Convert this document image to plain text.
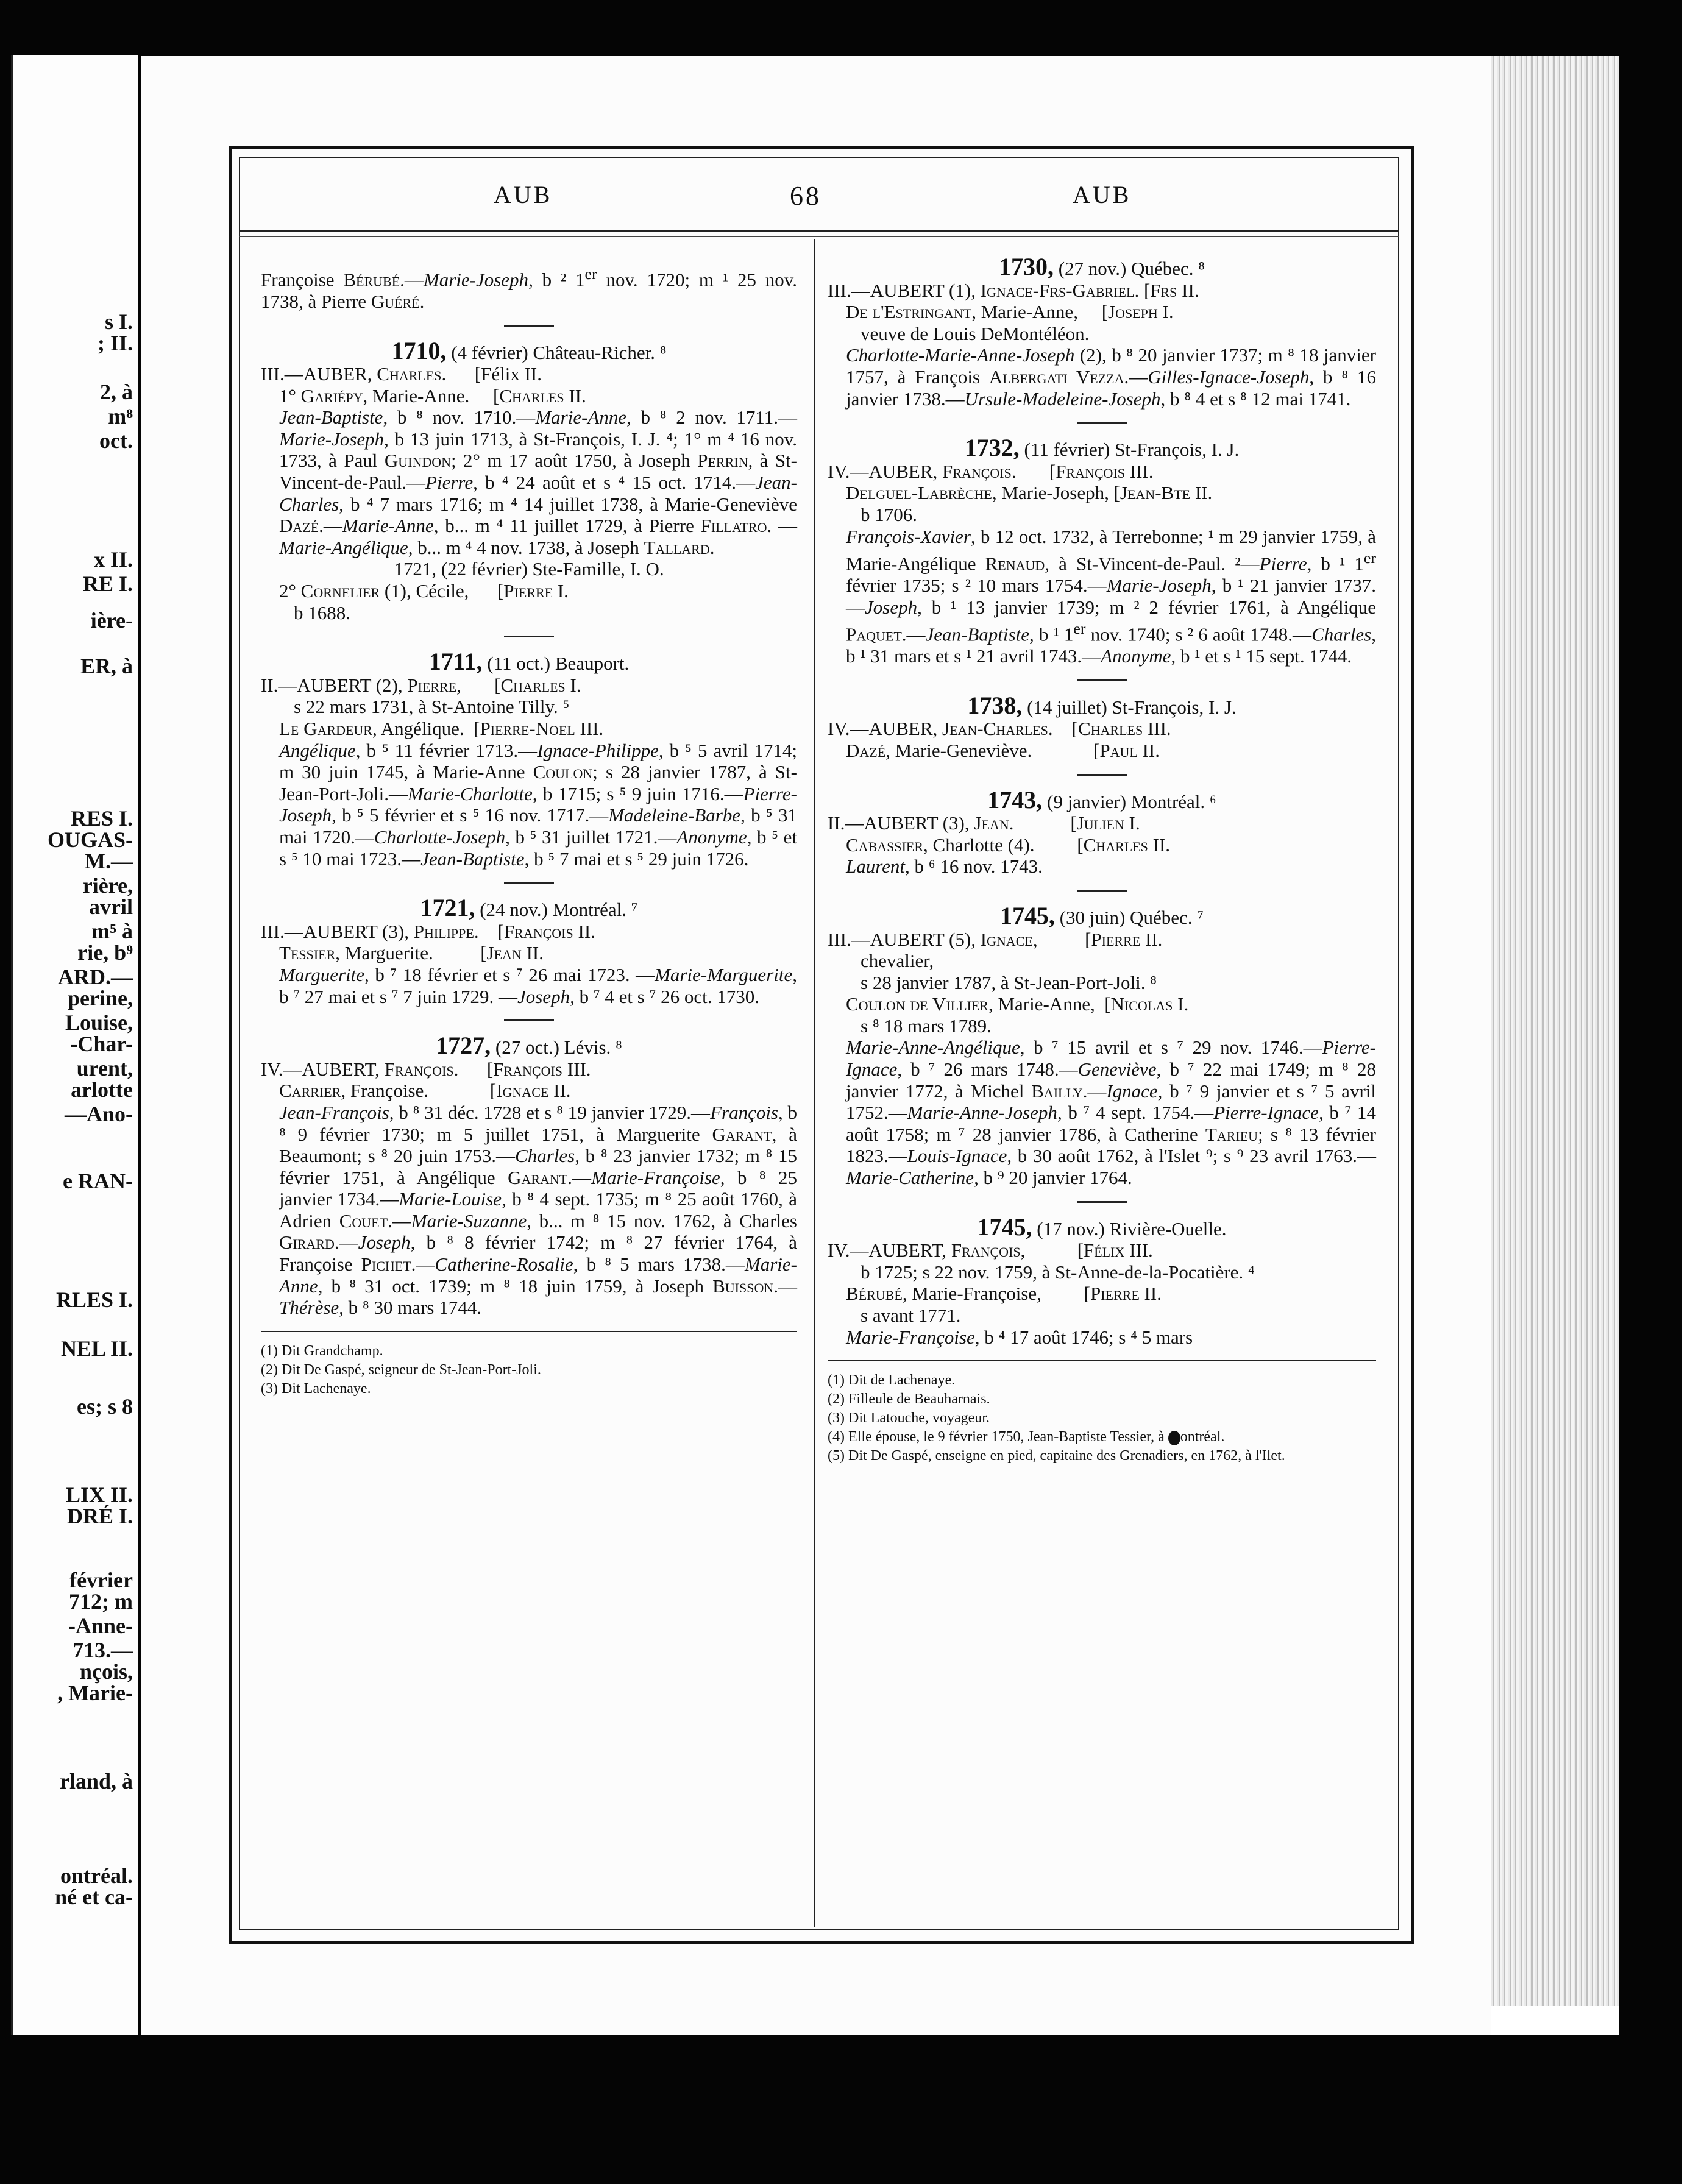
s I.
; II.
2, à
m⁸
oct.
x II.
RE I.
ière-
ER, à
RES I.
OUGAS-
M.—
rière,
avril
m⁵ à
rie, b⁹
ARD.—
perine,
Louise,
-Char-
urent,
arlotte
—Ano-
e RAN-
RLES I.
NEL II.
es; s 8
LIX II.
DRÉ I.
février
712; m
-Anne-
713.—
nçois,
, Marie-
rland, à
ontréal.
né et ca-
AUB	68	AUB

Françoise Bérubé.—Marie-Joseph, b ² 1er nov. 1720; m ¹ 25 nov. 1738, à Pierre Guéré.

1710, (4 février) Château-Richer. ⁸

III.—AUBER, Charles.      [Félix II.

1° Gariépy, Marie-Anne.     [Charles II.

Jean-Baptiste, b ⁸ nov. 1710.—Marie-Anne, b ⁸ 2 nov. 1711.—Marie-Joseph, b 13 juin 1713, à St-François, I. J. ⁴; 1° m ⁴ 16 nov. 1733, à Paul Guindon; 2° m 17 août 1750, à Joseph Perrin, à St-Vincent-de-Paul.—Pierre, b ⁴ 24 août et s ⁴ 15 oct. 1714.—Jean-Charles, b ⁴ 7 mars 1716; m ⁴ 14 juillet 1738, à Marie-Geneviève Dazé.—Marie-Anne, b... m ⁴ 11 juillet 1729, à Pierre Fillatro. —Marie-Angélique, b... m ⁴ 4 nov. 1738, à Joseph Tallard.

1721, (22 février) Ste-Famille, I. O.

2° Cornelier (1), Cécile,      [Pierre I.

b 1688.

1711, (11 oct.) Beauport.

II.—AUBERT (2), Pierre,       [Charles I.

s 22 mars 1731, à St-Antoine Tilly. ⁵

Le Gardeur, Angélique.  [Pierre-Noel III.

Angélique, b ⁵ 11 février 1713.—Ignace-Philippe, b ⁵ 5 avril 1714; m 30 juin 1745, à Marie-Anne Coulon; s 28 janvier 1787, à St-Jean-Port-Joli.—Marie-Charlotte, b 1715; s ⁵ 9 juin 1716.—Pierre-Joseph, b ⁵ 5 février et s ⁵ 16 nov. 1717.—Madeleine-Barbe, b ⁵ 31 mai 1720.—Charlotte-Joseph, b ⁵ 31 juillet 1721.—Anonyme, b ⁵ et s ⁵ 10 mai 1723.—Jean-Baptiste, b ⁵ 7 mai et s ⁵ 29 juin 1726.

1721, (24 nov.) Montréal. ⁷

III.—AUBERT (3), Philippe.    [François II.

Tessier, Marguerite.          [Jean II.

Marguerite, b ⁷ 18 février et s ⁷ 26 mai 1723. —Marie-Marguerite, b ⁷ 27 mai et s ⁷ 7 juin 1729. —Joseph, b ⁷ 4 et s ⁷ 26 oct. 1730.

1727, (27 oct.) Lévis. ⁸

IV.—AUBERT, François.      [François III.

Carrier, Françoise.             [Ignace II.

Jean-François, b ⁸ 31 déc. 1728 et s ⁸ 19 janvier 1729.—François, b ⁸ 9 février 1730; m 5 juillet 1751, à Marguerite Garant, à Beaumont; s ⁸ 20 juin 1753.—Charles, b ⁸ 23 janvier 1732; m ⁸ 15 février 1751, à Angélique Garant.—Marie-Françoise, b ⁸ 25 janvier 1734.—Marie-Louise, b ⁸ 4 sept. 1735; m ⁸ 25 août 1760, à Adrien Couet.—Marie-Suzanne, b... m ⁸ 15 nov. 1762, à Charles Girard.—Joseph, b ⁸ 8 février 1742; m ⁸ 27 février 1764, à Françoise Pichet.—Catherine-Rosalie, b ⁸ 5 mars 1738.—Marie-Anne, b ⁸ 31 oct. 1739; m ⁸ 18 juin 1759, à Joseph Buisson.—Thérèse, b ⁸ 30 mars 1744.

(1) Dit Grandchamp.

(2) Dit De Gaspé, seigneur de St-Jean-Port-Joli.

(3) Dit Lachenaye.

1730, (27 nov.) Québec. ⁸

III.—AUBERT (1), Ignace-Frs-Gabriel. [Frs II.

De l'Estringant, Marie-Anne,     [Joseph I.

veuve de Louis DeMontéléon.

Charlotte-Marie-Anne-Joseph (2), b ⁸ 20 janvier 1737; m ⁸ 18 janvier 1757, à François Albergati Vezza.—Gilles-Ignace-Joseph, b ⁸ 16 janvier 1738.—Ursule-Madeleine-Joseph, b ⁸ 4 et s ⁸ 12 mai 1741.

1732, (11 février) St-François, I. J.

IV.—AUBER, François.       [François III.

Delguel-Labrèche, Marie-Joseph, [Jean-Bte II.

b 1706.

François-Xavier, b 12 oct. 1732, à Terrebonne; ¹ m 29 janvier 1759, à Marie-Angélique Renaud, à St-Vincent-de-Paul. ²—Pierre, b ¹ 1er février 1735; s ² 10 mars 1754.—Marie-Joseph, b ¹ 21 janvier 1737.—Joseph, b ¹ 13 janvier 1739; m ² 2 février 1761, à Angélique Paquet.—Jean-Baptiste, b ¹ 1er nov. 1740; s ² 6 août 1748.—Charles, b ¹ 31 mars et s ¹ 21 avril 1743.—Anonyme, b ¹ et s ¹ 15 sept. 1744.

1738, (14 juillet) St-François, I. J.

IV.—AUBER, Jean-Charles.    [Charles III.

Dazé, Marie-Geneviève.             [Paul II.

1743, (9 janvier) Montréal. ⁶

II.—AUBERT (3), Jean.            [Julien I.

Cabassier, Charlotte (4).         [Charles II.

Laurent, b ⁶ 16 nov. 1743.

1745, (30 juin) Québec. ⁷

III.—AUBERT (5), Ignace,          [Pierre II.

chevalier,

s 28 janvier 1787, à St-Jean-Port-Joli. ⁸

Coulon de Villier, Marie-Anne,  [Nicolas I.

s ⁸ 18 mars 1789.

Marie-Anne-Angélique, b ⁷ 15 avril et s ⁷ 29 nov. 1746.—Pierre-Ignace, b ⁷ 26 mars 1748.—Geneviève, b ⁷ 22 mai 1749; m ⁸ 28 janvier 1772, à Michel Bailly.—Ignace, b ⁷ 9 janvier et s ⁷ 5 avril 1752.—Marie-Anne-Joseph, b ⁷ 4 sept. 1754.—Pierre-Ignace, b ⁷ 14 août 1758; m ⁷ 28 janvier 1786, à Catherine Tarieu; s ⁸ 13 février 1823.—Louis-Ignace, b 30 août 1762, à l'Islet ⁹; s ⁹ 23 avril 1763.—Marie-Catherine, b ⁹ 20 janvier 1764.

1745, (17 nov.) Rivière-Ouelle.

IV.—AUBERT, François,           [Félix III.

b 1725; s 22 nov. 1759, à St-Anne-de-la-Pocatière. ⁴

Bérubé, Marie-Françoise,         [Pierre II.

s avant 1771.

Marie-Françoise, b ⁴ 17 août 1746; s ⁴ 5 mars

(1) Dit de Lachenaye.

(2) Filleule de Beauharnais.

(3) Dit Latouche, voyageur.

(4) Elle épouse, le 9 février 1750, Jean-Baptiste Tessier, à ontréal.

(5) Dit De Gaspé, enseigne en pied, capitaine des Grenadiers, en 1762, à l'Ilet.
